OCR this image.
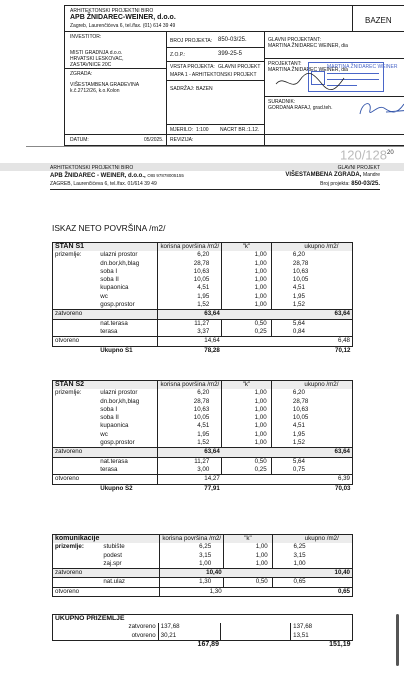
ARHITEKTONSKI PROJEKTNI BIRO
APB ŽNIDAREC-WEINER, d.o.o.
Zagreb, Laurenčićeva 6, tel./fax. (01) 614 39 49
BAZEN
INVESTITOR:
MISTI GRADNJA d.o.o.
HRVATSKI LESKOVAC,
ZASTAVNICE 20C
ZGRADA:
VIŠESTAMBENA GRAĐEVINA
k.č.2712/26, k.o.Kolon
DATUM:	05/2025.
BROJ PROJEKTA: 850-03/25.
Z.O.P.:	399-25-5
VRSTA PROJEKTA: GLAVNI PROJEKT
MAPA 1 - ARHITEKTONSKI PROJEKT
SADRŽAJ: BAZEN
MJERILO: 1:100 NACRT BR.: 1.12.
REVIZIJA:
GLAVNI PROJEKTANT:
MARTINA ŽNIDAREC WEINER, dia
PROJEKTANT:
MARTINA ŽNIDAREC WEINER, dia
SURADNIK:
GORDANA RAFAJ, grad.teh.
MARTINA ŽNIDAREC WEINER
$120/128^{20}$
ARHITEKTONSKI PROJEKTNI BIRO
APB ŽNIDAREC - WEINER, d.o.o., OIB 97878005155
ZAGREB, Laurenčićeva 6, tel./fax. 01/614 39 49
GLAVNI PROJEKT
VIŠESTAMBENA ZGRADA, Mandre
Broj projekta: 850-03/25.
ISKAZ NETO POVRŠINA /m2/
STAN S1		korisna površina /m2/	"k"		ukupno /m2/
prizemlje:	ulazni prostor	6,20	1,00		6,20
	dn.bor,kh,blag	28,78	1,00		28,78
	soba I	10,63	1,00		10,63
	soba II	10,05	1,00		10,05
	kupaonica	4,51	1,00		4,51
	wc	1,95	1,00		1,95
	gosp.prostor	1,52	1,00		1,52
zatvoreno		63,64			63,64
	nat.terasa	11,27	0,50		5,64
	terasa	3,37	0,25		0,84
otvoreno		14,64			6,48
	Ukupno S1	78,28			70,12
STAN S2		korisna površina /m2/	"k"		ukupno /m2/
prizemlje:	ulazni prostor	6,20	1,00		6,20
	dn.bor,kh,blag	28,78	1,00		28,78
	soba I	10,63	1,00		10,63
	soba II	10,05	1,00		10,05
	kupaonica	4,51	1,00		4,51
	wc	1,95	1,00		1,95
	gosp.prostor	1,52	1,00		1,52
zatvoreno		63,64			63,64
	nat.terasa	11,27	0,50		5,64
	terasa	3,00	0,25		0,75
otvoreno		14,27			6,39
	Ukupno S2	77,91			70,03
komunikacije		korisna površina /m2/	"k"		ukupno /m2/
prizemlje:	stubište	6,25	1,00		6,25
	podest	3,15	1,00		3,15
	zaj.spr	1,00	1,00		1,00
zatvoreno		10,40			10,40
	nat.ulaz	1,30	0,50		0,65
otvoreno		1,30			0,65
UKUPNO PRIZEMLJE					
	zatvoreno	137,68			137,68
	otvoreno	30,21			13,51
		167,89			151,19
